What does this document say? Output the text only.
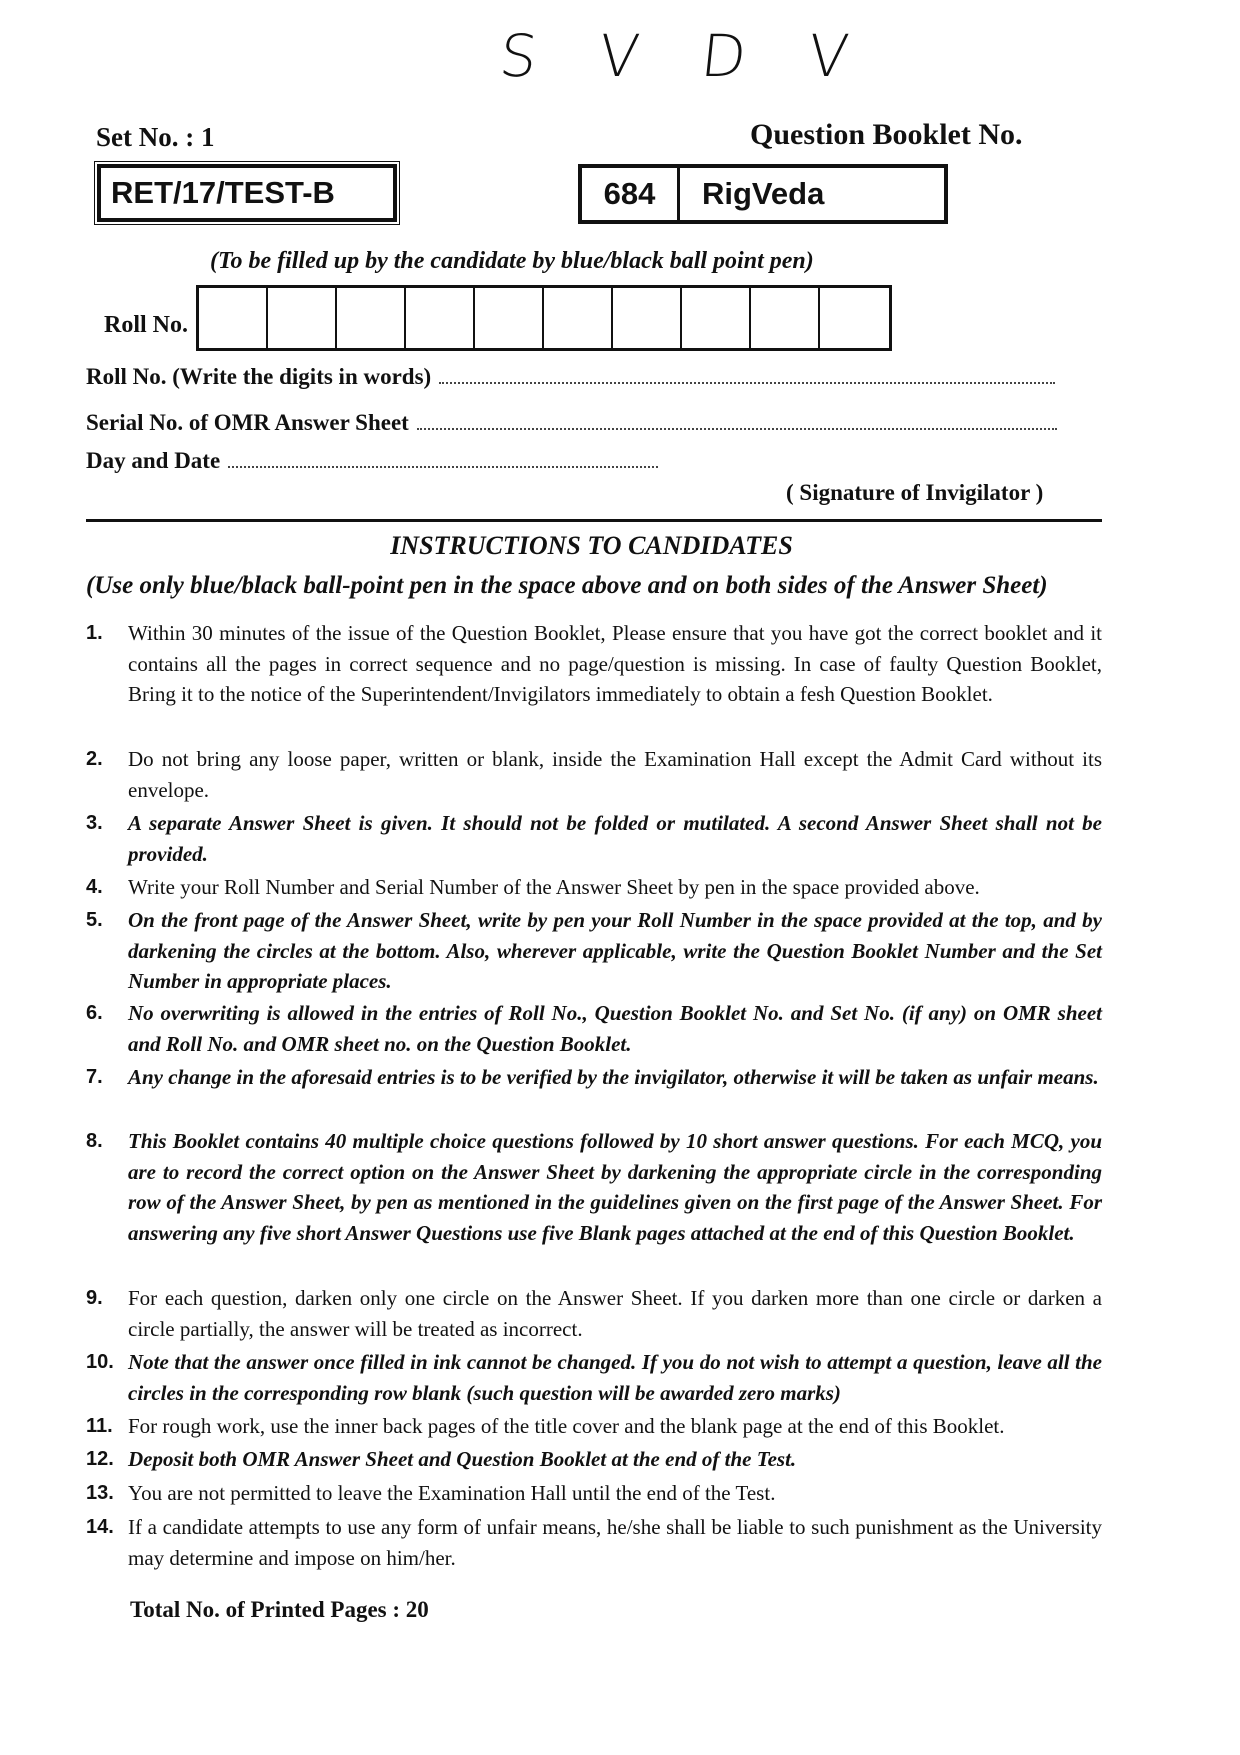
S V D V
Set No. : 1	Question Booklet No.
RET/17/TEST-B	684	RigVeda
(To be filled up by the candidate by blue/black ball point pen)
Roll No.
Roll No. (Write the digits in words)
Serial No. of OMR Answer Sheet
Day and Date
( Signature of Invigilator )
INSTRUCTIONS TO CANDIDATES
(Use only blue/black ball-point pen in the space above and on both sides of the Answer Sheet)
1.	Within 30 minutes of the issue of the Question Booklet, Please ensure that you have got the correct booklet and it contains all the pages in correct sequence and no page/question is missing. In case of faulty Question Booklet, Bring it to the notice of the Superintendent/Invigilators immediately to obtain a fesh Question Booklet.
2.	Do not bring any loose paper, written or blank, inside the Examination Hall except the Admit Card without its envelope.
3.	A separate Answer Sheet is given. It should not be folded or mutilated. A second Answer Sheet shall not be provided.
4.	Write your Roll Number and Serial Number of the Answer Sheet by pen in the space provided above.
5.	On the front page of the Answer Sheet, write by pen your Roll Number in the space provided at the top, and by darkening the circles at the bottom. Also, wherever applicable, write the Question Booklet Number and the Set Number in appropriate places.
6.	No overwriting is allowed in the entries of Roll No., Question Booklet No. and Set No. (if any) on OMR sheet and Roll No. and OMR sheet no. on the Question Booklet.
7.	Any change in the aforesaid entries is to be verified by the invigilator, otherwise it will be taken as unfair means.
8.	This Booklet contains 40 multiple choice questions followed by 10 short answer questions. For each MCQ, you are to record the correct option on the Answer Sheet by darkening the appropriate circle in the corresponding row of the Answer Sheet, by pen as mentioned in the guidelines given on the first page of the Answer Sheet. For answering any five short Answer Questions use five Blank pages attached at the end of this Question Booklet.
9.	For each question, darken only one circle on the Answer Sheet. If you darken more than one circle or darken a circle partially, the answer will be treated as incorrect.
10. Note that the answer once filled in ink cannot be changed. If you do not wish to attempt a question, leave all the circles in the corresponding row blank (such question will be awarded zero marks)
11. For rough work, use the inner back pages of the title cover and the blank page at the end of this Booklet.
12. Deposit both OMR Answer Sheet and Question Booklet at the end of the Test.
13. You are not permitted to leave the Examination Hall until the end of the Test.
14. If a candidate attempts to use any form of unfair means, he/she shall be liable to such punishment as the University may determine and impose on him/her.
Total No. of Printed Pages : 20
